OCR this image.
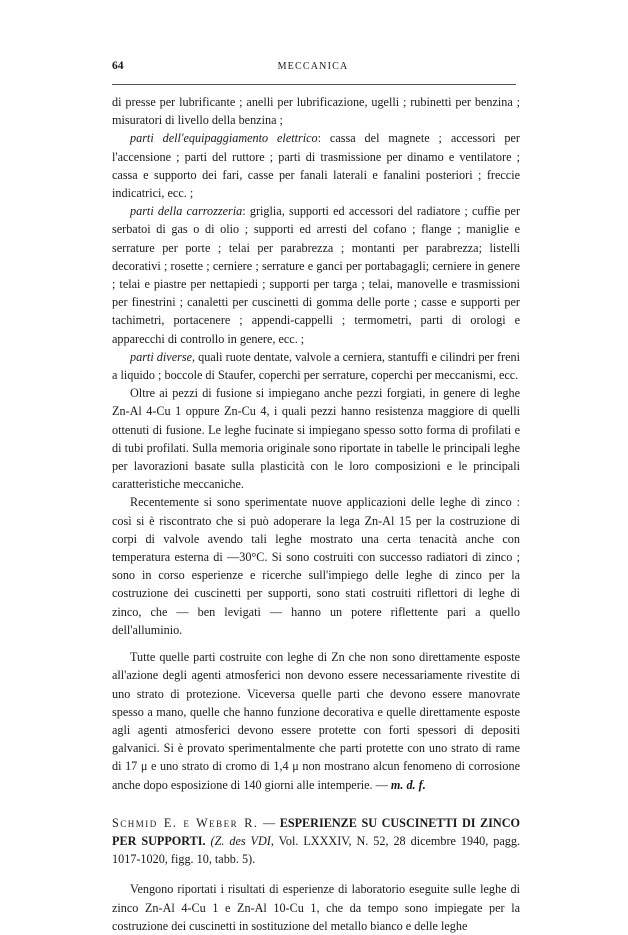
64	MECCANICA

di presse per lubrificante ; anelli per lubrificazione, ugelli ; rubinetti per benzina ; misuratori di livello della benzina ;

parti dell'equipaggiamento elettrico: cassa del magnete ; accessori per l'accensione ; parti del ruttore ; parti di trasmissione per dinamo e ventilatore ; cassa e supporto dei fari, casse per fanali laterali e fanalini posteriori ; freccie indicatrici, ecc. ;

parti della carrozzeria: griglia, supporti ed accessori del radiatore ; cuffie per serbatoi di gas o di olio ; supporti ed arresti del cofano ; flange ; maniglie e serrature per porte ; telai per parabrezza ; montanti per parabrezza; listelli decorativi ; rosette ; cerniere ; serrature e ganci per portabagagli; cerniere in genere ; telai e piastre per nettapiedi ; supporti per targa ; telai, manovelle e trasmissioni per finestrini ; canaletti per cuscinetti di gomma delle porte ; casse e supporti per tachimetri, portacenere ; appendi-cappelli ; termometri, parti di orologi e apparecchi di controllo in genere, ecc. ;

parti diverse, quali ruote dentate, valvole a cerniera, stantuffi e cilindri per freni a liquido ; boccole di Staufer, coperchi per serrature, coperchi per meccanismi, ecc.

Oltre ai pezzi di fusione si impiegano anche pezzi forgiati, in genere di leghe Zn-Al 4-Cu 1 oppure Zn-Cu 4, i quali pezzi hanno resistenza maggiore di quelli ottenuti di fusione. Le leghe fucinate si impiegano spesso sotto forma di profilati e di tubi profilati. Sulla memoria originale sono riportate in tabelle le principali leghe per lavorazioni basate sulla plasticità con le loro composizioni e le principali caratteristiche meccaniche.

Recentemente si sono sperimentate nuove applicazioni delle leghe di zinco : così si è riscontrato che si può adoperare la lega Zn-Al 15 per la costruzione di corpi di valvole avendo tali leghe mostrato una certa tenacità anche con temperatura esterna di —30°C. Si sono costruiti con successo radiatori di zinco ; sono in corso esperienze e ricerche sull'impiego delle leghe di zinco per la costruzione dei cuscinetti per supporti, sono stati costruiti riflettori di leghe di zinco, che — ben levigati — hanno un potere riflettente pari a quello dell'alluminio.

Tutte quelle parti costruite con leghe di Zn che non sono direttamente esposte all'azione degli agenti atmosferici non devono essere necessariamente rivestite di uno strato di protezione. Viceversa quelle parti che devono essere manovrate spesso a mano, quelle che hanno funzione decorativa e quelle direttamente esposte agli agenti atmosferici devono essere protette con forti spessori di depositi galvanici. Si è provato sperimentalmente che parti protette con uno strato di rame di 17 μ e uno strato di cromo di 1,4 μ non mostrano alcun fenomeno di corrosione anche dopo esposizione di 140 giorni alle intemperie. — m. d. f.

Schmid E. e Weber R. — ESPERIENZE SU CUSCINETTI DI ZINCO PER SUPPORTI. (Z. des VDI, Vol. LXXXIV, N. 52, 28 dicembre 1940, pagg. 1017-1020, figg. 10, tabb. 5).

Vengono riportati i risultati di esperienze di laboratorio eseguite sulle leghe di zinco Zn-Al 4-Cu 1 e Zn-Al 10-Cu 1, che da tempo sono impiegate per la costruzione dei cuscinetti in sostituzione del metallo bianco e delle leghe
